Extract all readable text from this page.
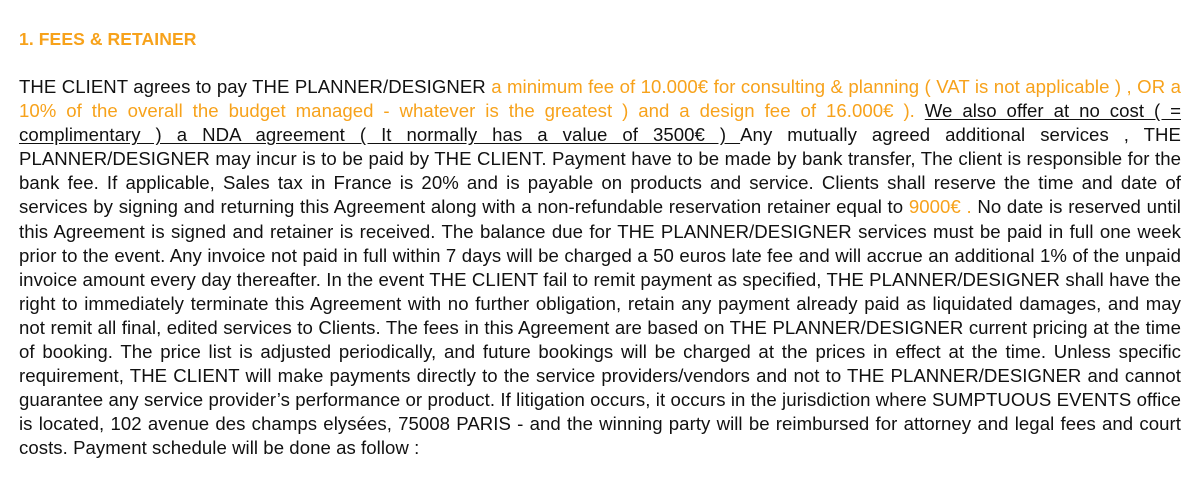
1. FEES & RETAINER

THE CLIENT agrees to pay THE PLANNER/DESIGNER a minimum fee of 10.000€ for consulting & planning ( VAT is not applicable ) , OR a 10% of the overall the budget managed - whatever is the greatest ) and a design fee of 16.000€ ). We also offer at no cost ( = complimentary ) a NDA agreement ( It normally has a value of 3500€ ) Any mutually agreed additional services , THE PLANNER/DESIGNER may incur is to be paid by THE CLIENT. Payment have to be made by bank transfer, The client is responsible for the bank fee. If applicable, Sales tax in France is 20% and is payable on products and service. Clients shall reserve the time and date of services by signing and returning this Agreement along with a non-refundable reservation retainer equal to 9000€ . No date is reserved until this Agreement is signed and retainer is received. The balance due for THE PLANNER/DESIGNER services must be paid in full one week prior to the event. Any invoice not paid in full within 7 days will be charged a 50 euros late fee and will accrue an additional 1% of the unpaid invoice amount every day thereafter. In the event THE CLIENT fail to remit payment as specified, THE PLANNER/DESIGNER shall have the right to immediately terminate this Agreement with no further obligation, retain any payment already paid as liquidated damages, and may not remit all final, edited services to Clients. The fees in this Agreement are based on THE PLANNER/DESIGNER current pricing at the time of booking. The price list is adjusted periodically, and future bookings will be charged at the prices in effect at the time. Unless specific requirement, THE CLIENT will make payments directly to the service providers/vendors and not to THE PLANNER/DESIGNER and cannot guarantee any service provider’s performance or product. If litigation occurs, it occurs in the jurisdiction where SUMPTUOUS EVENTS office is located, 102 avenue des champs elysées, 75008 PARIS - and the winning party will be reimbursed for attorney and legal fees and court costs. Payment schedule will be done as follow :
